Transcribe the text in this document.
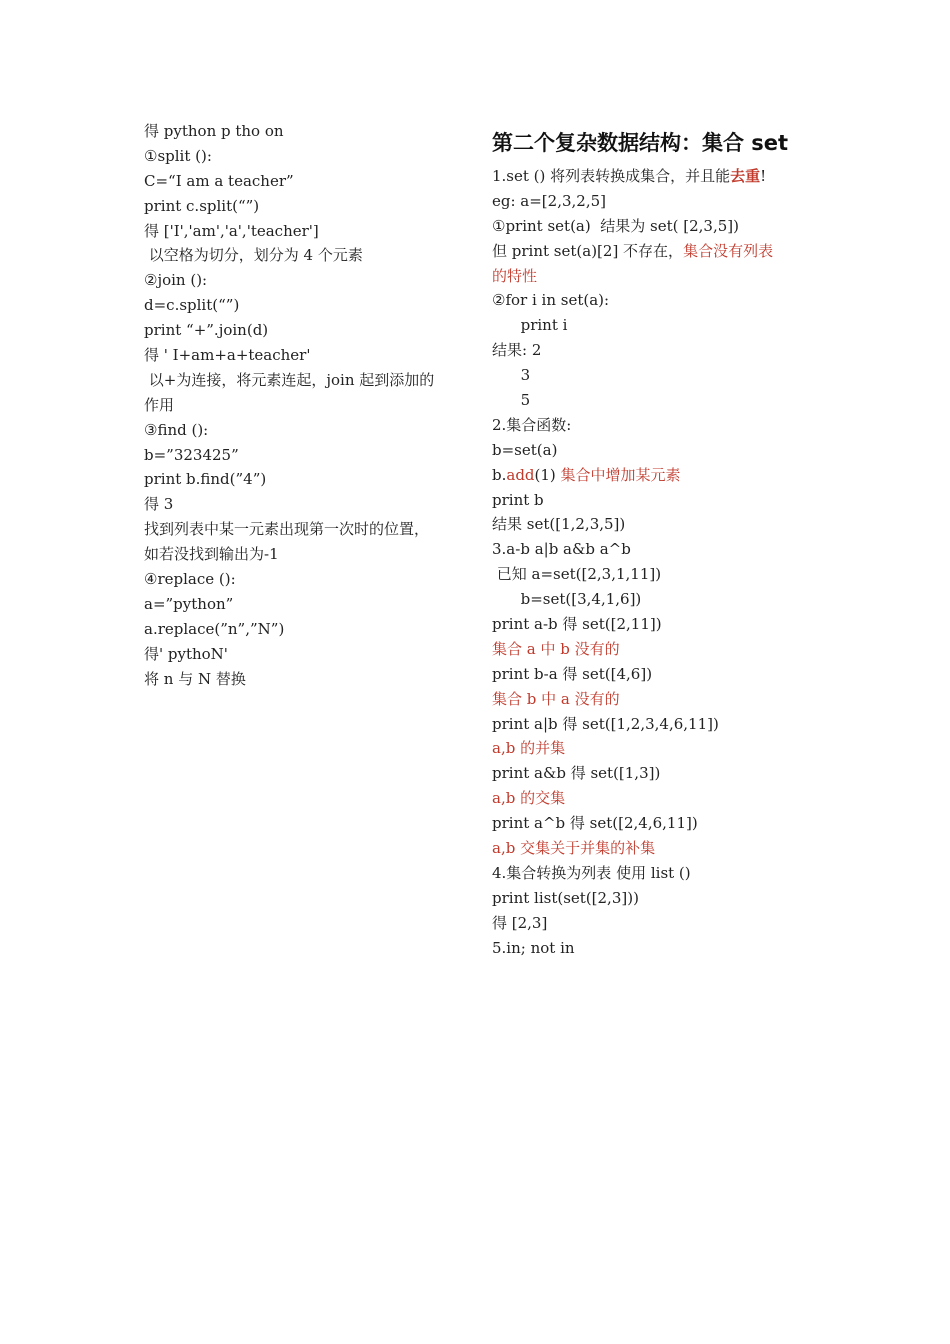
得 python p tho on
①split ():
C=“I am a teacher”
print c.split(“”)
得 ['I','am','a','teacher']
以空格为切分，划分为 4 个元素
②join ():
d=c.split(“”)
print “+”.join(d)
得 ' I+am+a+teacher'
以+为连接，将元素连起，join 起到添加的
作用
③find ():
b=”323425”
print b.find(”4”)
得 3
找到列表中某一元素出现第一次时的位置，
如若没找到输出为-1
④replace ():
a=”python”
a.replace(”n”,”N”)
得' pythoN'
将 n 与 N 替换
第二个复杂数据结构：集合 set
1.set () 将列表转换成集合，并且能去重!
eg: a=[2,3,2,5]
①print set(a)  结果为 set( [2,3,5])
但 print set(a)[2] 不存在，集合没有列表
的特性
②for i in set(a):
print i
结果: 2
3
5
2.集合函数:
b=set(a)
b.add(1) 集合中增加某元素
print b
结果 set([1,2,3,5])
3.a-b a|b a&b a^b
已知 a=set([2,3,1,11])
b=set([3,4,1,6])
print a-b 得 set([2,11])
集合 a 中 b 没有的
print b-a 得 set([4,6])
集合 b 中 a 没有的
print a|b 得 set([1,2,3,4,6,11])
a,b 的并集
print a&b 得 set([1,3])
a,b 的交集
print a^b 得 set([2,4,6,11])
a,b 交集关于并集的补集
4.集合转换为列表 使用 list ()
print list(set([2,3]))
得 [2,3]
5.in; not in
